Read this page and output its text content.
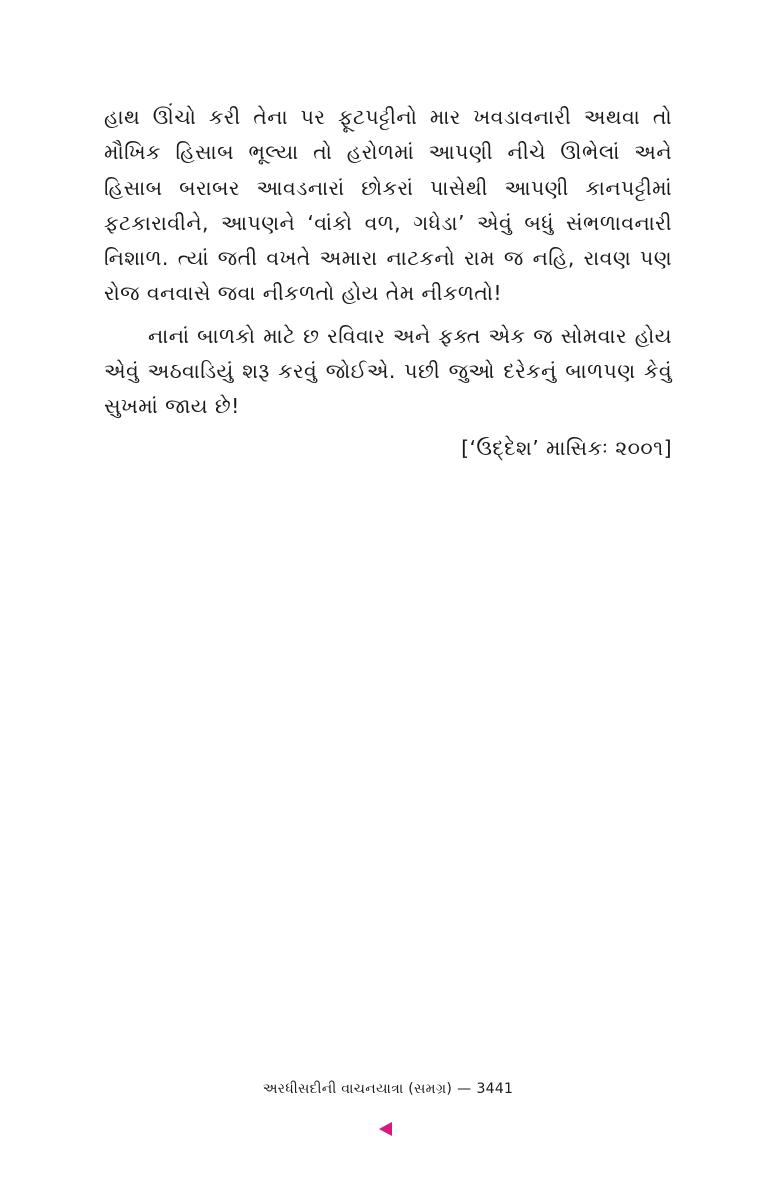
હાથ ઊંચો કરી તેના પર ફૂટપટ્ટીનો માર ખવડાવનારી અથવા તો મૌખિક હિસાબ ભૂલ્યા તો હરોળમાં આપણી નીચે ઊભેલાં અને હિસાબ બરાબર આવડનારાં છોકરાં પાસેથી આપણી કાનપટ્ટીમાં ફટકારાવીને, આપણને ‘વાંકો વળ, ગધેડા’ એવું બધું સંભળાવનારી નિશાળ. ત્યાં જતી વખતે અમારા નાટકનો રામ જ નહિ, રાવણ પણ રોજ વનવાસે જવા નીકળતો હોય તેમ નીકળતો!

નાનાં બાળકો માટે છ રવિવાર અને ફક્ત એક જ સોમવાર હોય એવું અઠવાડિયું શરૂ કરવું જોઈએ. પછી જુઓ દરેકનું બાળપણ કેવું સુખમાં જાય છે!

[‘ઉદ્દેશ’ માસિકઃ ૨૦૦૧]

અરધીસદીની વાચનયાત્રા (સમગ્ર) — 3441
